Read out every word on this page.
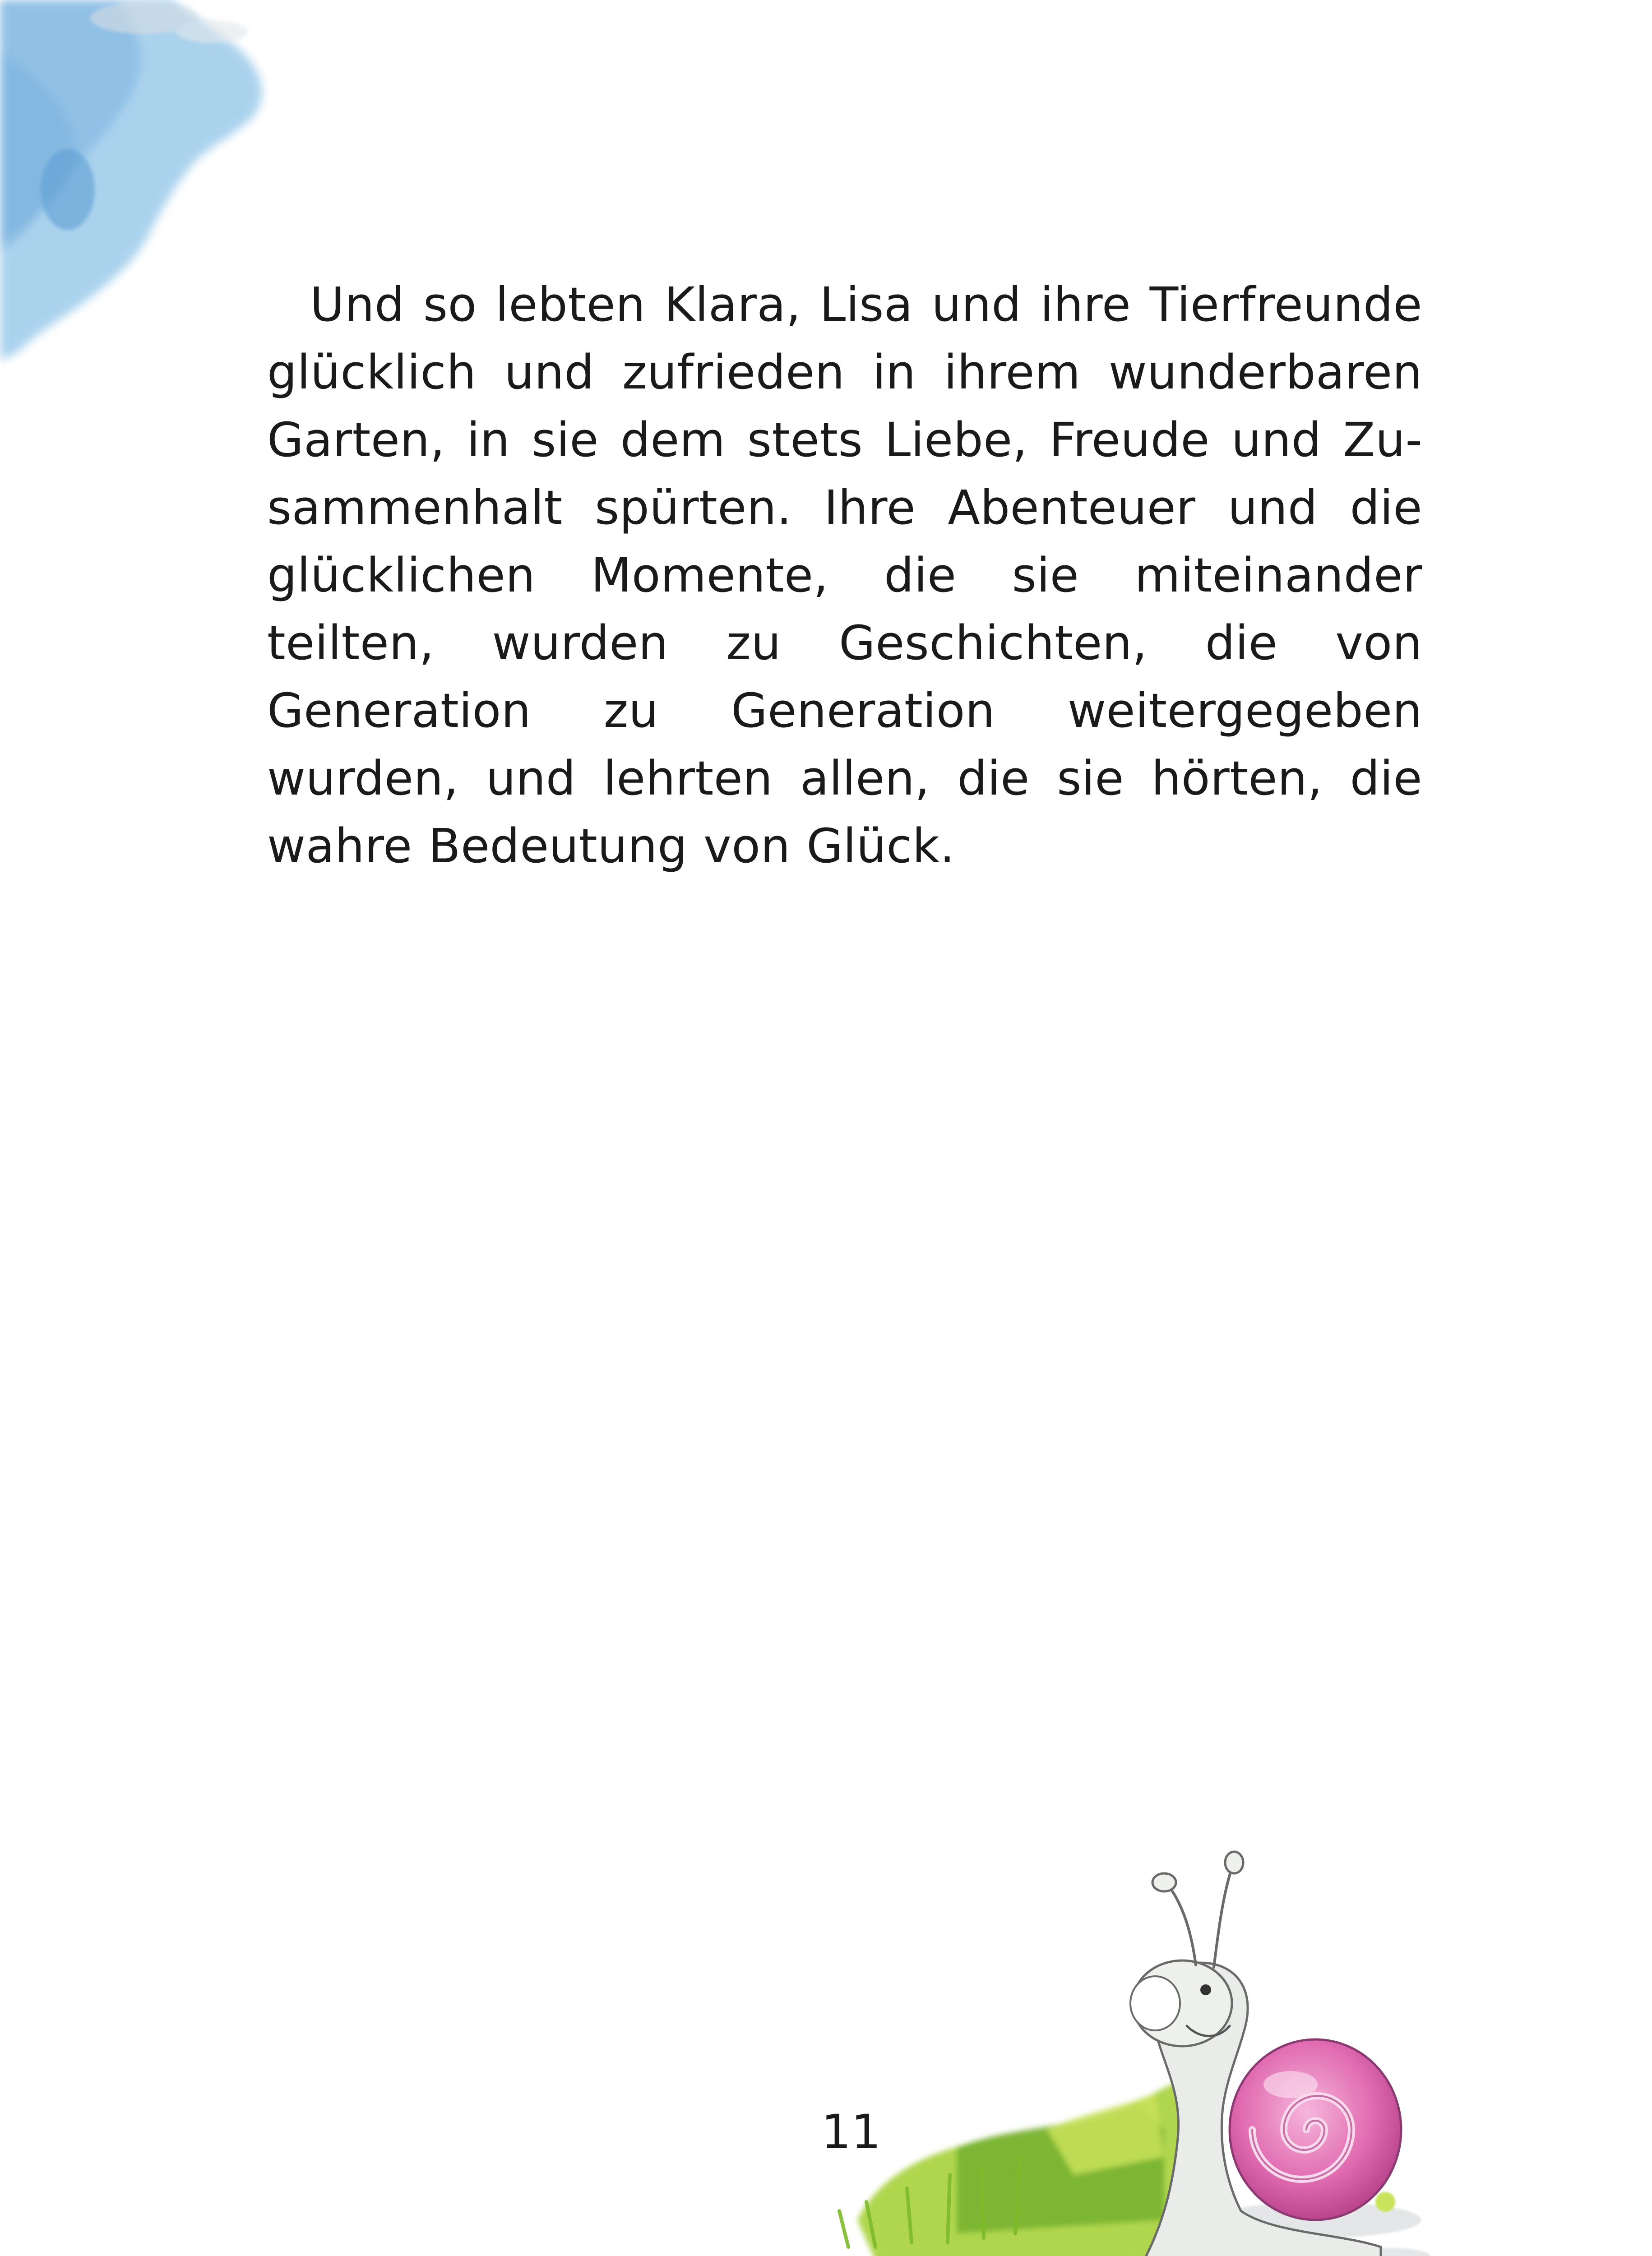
Und so lebten Klara, Lisa und ihre Tierfreunde glücklich und zufrieden in ihrem wunderbaren Garten, in sie dem stets Liebe, Freude und Zusammenhalt spürten. Ihre Abenteuer und die glücklichen Momente, die sie miteinander teilten, wurden zu Geschichten, die von Generation zu Generation weitergegeben wurden, und lehrten allen, die sie hörten, die wahre Bedeutung von Glück.

11
